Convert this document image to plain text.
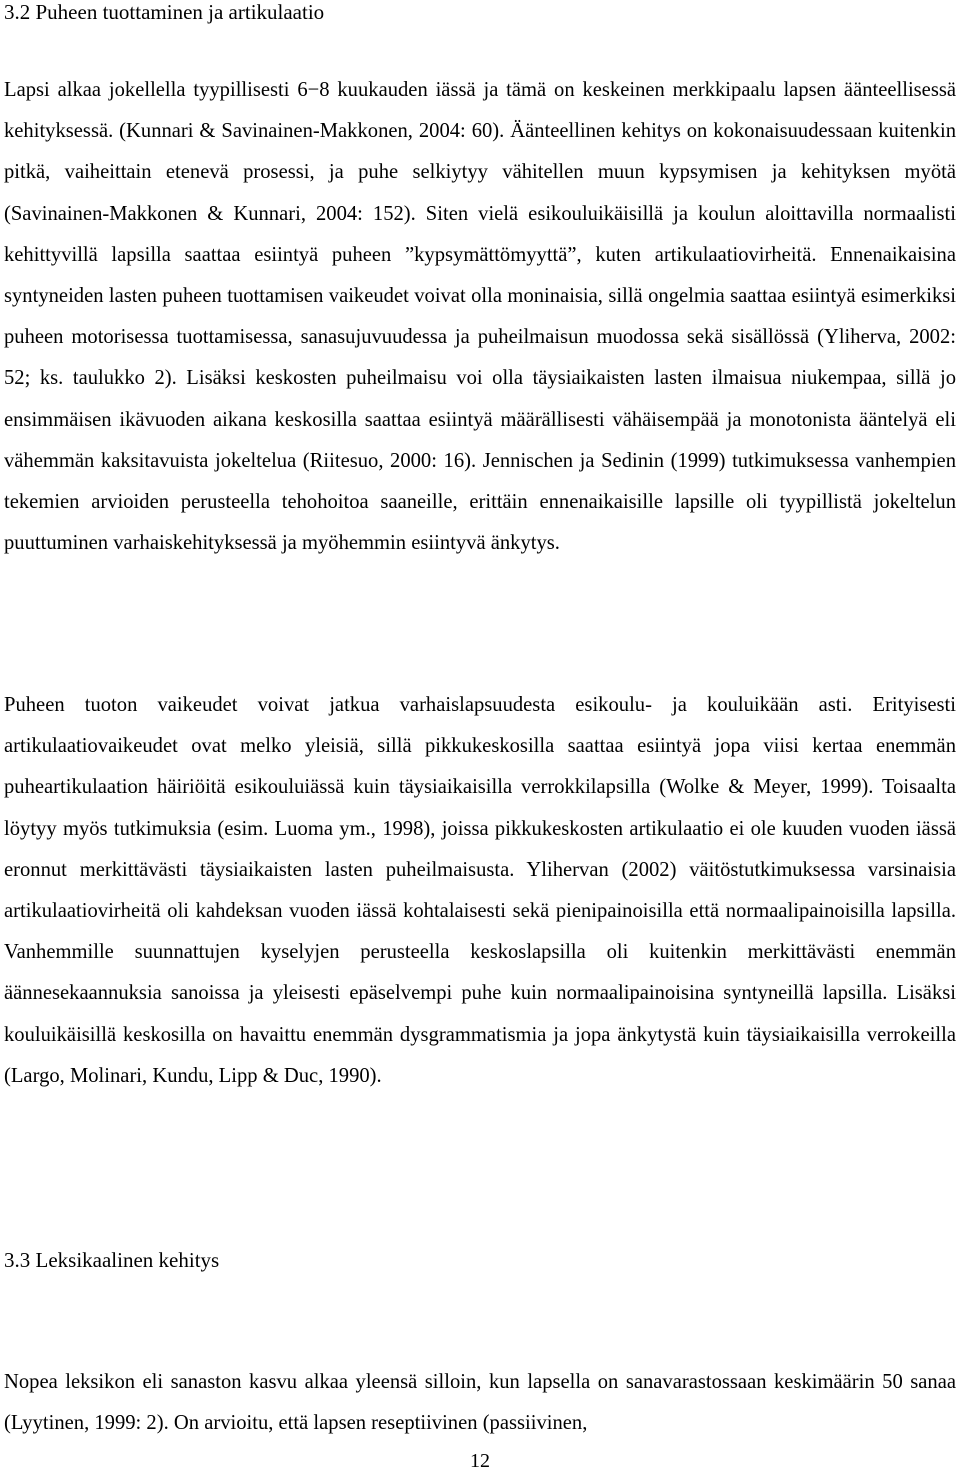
3.2 Puheen tuottaminen ja artikulaatio

Lapsi alkaa jokellella tyypillisesti 6−8 kuukauden iässä ja tämä on keskeinen merkkipaalu lapsen äänteellisessä kehityksessä. (Kunnari & Savinainen-Makkonen, 2004: 60). Äänteellinen kehitys on kokonaisuudessaan kuitenkin pitkä, vaiheittain etenevä prosessi, ja puhe selkiytyy vähitellen muun kypsymisen ja kehityksen myötä (Savinainen-Makkonen & Kunnari, 2004: 152). Siten vielä esikouluikäisillä ja koulun aloittavilla normaalisti kehittyvillä lapsilla saattaa esiintyä puheen ”kypsymättömyyttä”, kuten artikulaatiovirheitä. Ennenaikaisina syntyneiden lasten puheen tuottamisen vaikeudet voivat olla moninaisia, sillä ongelmia saattaa esiintyä esimerkiksi puheen motorisessa tuottamisessa, sanasujuvuudessa ja puheilmaisun muodossa sekä sisällössä (Yliherva, 2002: 52; ks. taulukko 2). Lisäksi keskosten puheilmaisu voi olla täysiaikaisten lasten ilmaisua niukempaa, sillä jo ensimmäisen ikävuoden aikana keskosilla saattaa esiintyä määrällisesti vähäisempää ja monotonista ääntelyä eli vähemmän kaksitavuista jokeltelua (Riitesuo, 2000: 16). Jennischen ja Sedinin (1999) tutkimuksessa vanhempien tekemien arvioiden perusteella tehohoitoa saaneille, erittäin ennenaikaisille lapsille oli tyypillistä jokeltelun puuttuminen varhaiskehityksessä ja myöhemmin esiintyvä änkytys.

Puheen tuoton vaikeudet voivat jatkua varhaislapsuudesta esikoulu- ja kouluikään asti. Erityisesti artikulaatiovaikeudet ovat melko yleisiä, sillä pikkukeskosilla saattaa esiintyä jopa viisi kertaa enemmän puheartikulaation häiriöitä esikouluiässä kuin täysiaikaisilla verrokkilapsilla (Wolke & Meyer, 1999). Toisaalta löytyy myös tutkimuksia (esim. Luoma ym., 1998), joissa pikkukeskosten artikulaatio ei ole kuuden vuoden iässä eronnut merkittävästi täysiaikaisten lasten puheilmaisusta. Ylihervan (2002) väitöstutkimuksessa varsinaisia artikulaatiovirheitä oli kahdeksan vuoden iässä kohtalaisesti sekä pienipainoisilla että normaalipainoisilla lapsilla. Vanhemmille suunnattujen kyselyjen perusteella keskoslapsilla oli kuitenkin merkittävästi enemmän äännesekaannuksia sanoissa ja yleisesti epäselvempi puhe kuin normaalipainoisina syntyneillä lapsilla. Lisäksi kouluikäisillä keskosilla on havaittu enemmän dysgrammatismia ja jopa änkytystä kuin täysiaikaisilla verrokeilla (Largo, Molinari, Kundu, Lipp & Duc, 1990).

3.3 Leksikaalinen kehitys

Nopea leksikon eli sanaston kasvu alkaa yleensä silloin, kun lapsella on sanavarastossaan keskimäärin 50 sanaa (Lyytinen, 1999: 2). On arvioitu, että lapsen reseptiivinen (passiivinen,

12
